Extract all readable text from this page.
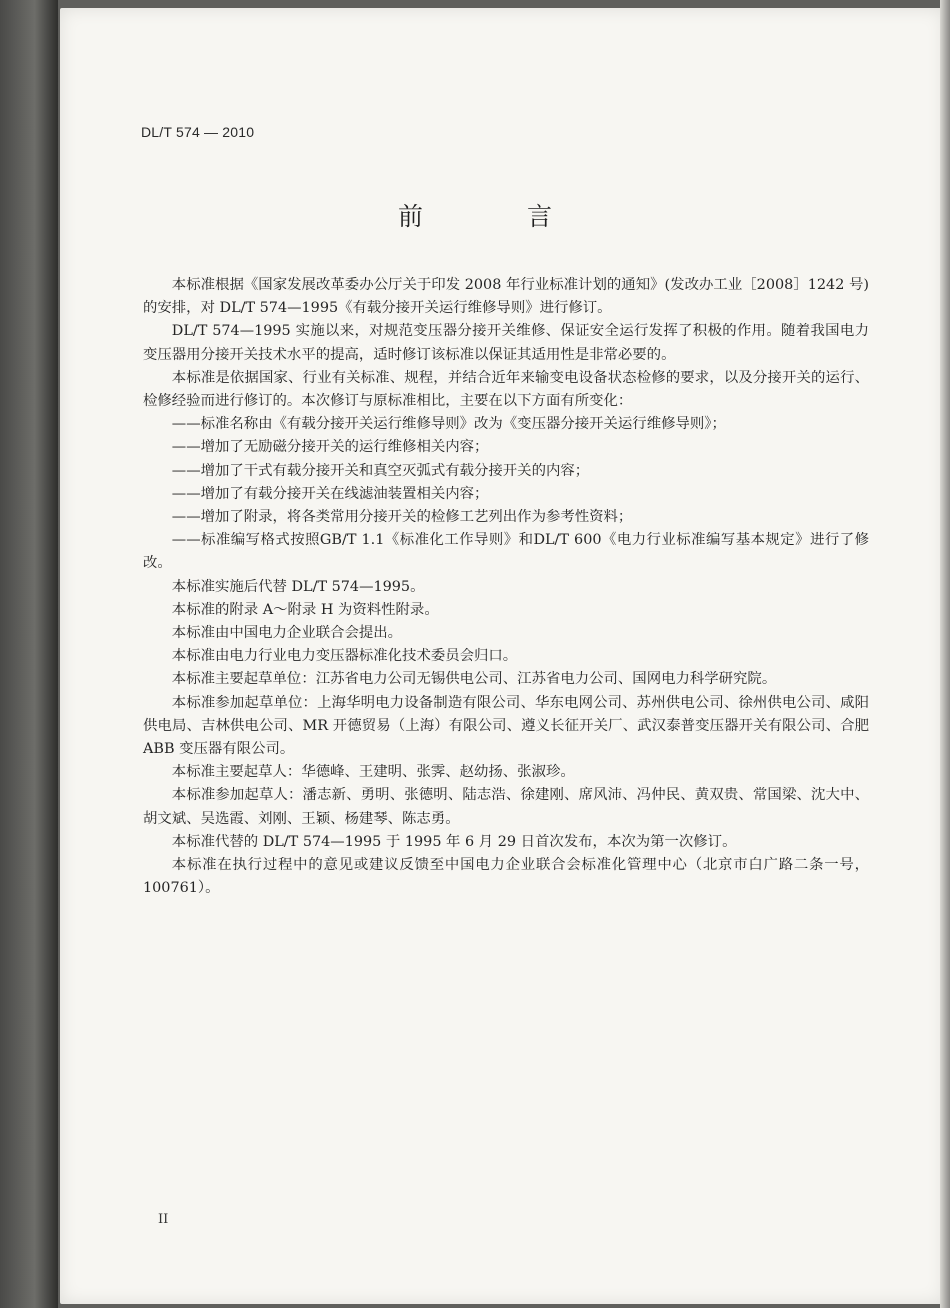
DL/T 574 — 2010
前 言

本标准根据《国家发展改革委办公厅关于印发 2008 年行业标准计划的通知》(发改办工业［2008］1242 号)的安排，对 DL/T 574—1995《有载分接开关运行维修导则》进行修订。

DL/T 574—1995 实施以来，对规范变压器分接开关维修、保证安全运行发挥了积极的作用。随着我国电力变压器用分接开关技术水平的提高，适时修订该标准以保证其适用性是非常必要的。

本标准是依据国家、行业有关标准、规程，并结合近年来输变电设备状态检修的要求，以及分接开关的运行、检修经验而进行修订的。本次修订与原标准相比，主要在以下方面有所变化：

——标准名称由《有载分接开关运行维修导则》改为《变压器分接开关运行维修导则》；

——增加了无励磁分接开关的运行维修相关内容；

——增加了干式有载分接开关和真空灭弧式有载分接开关的内容；

——增加了有载分接开关在线滤油装置相关内容；

——增加了附录，将各类常用分接开关的检修工艺列出作为参考性资料；

——标准编写格式按照GB/T 1.1《标准化工作导则》和DL/T 600《电力行业标准编写基本规定》进行了修改。

本标准实施后代替 DL/T 574—1995。

本标准的附录 A～附录 H 为资料性附录。

本标准由中国电力企业联合会提出。

本标准由电力行业电力变压器标准化技术委员会归口。

本标准主要起草单位：江苏省电力公司无锡供电公司、江苏省电力公司、国网电力科学研究院。

本标准参加起草单位：上海华明电力设备制造有限公司、华东电网公司、苏州供电公司、徐州供电公司、咸阳供电局、吉林供电公司、MR 开德贸易（上海）有限公司、遵义长征开关厂、武汉泰普变压器开关有限公司、合肥 ABB 变压器有限公司。

本标准主要起草人：华德峰、王建明、张霁、赵幼扬、张淑珍。

本标准参加起草人：潘志新、勇明、张德明、陆志浩、徐建刚、席风沛、冯仲民、黄双贵、常国梁、沈大中、胡文斌、吴选霞、刘刚、王颖、杨建琴、陈志勇。

本标准代替的 DL/T 574—1995 于 1995 年 6 月 29 日首次发布，本次为第一次修订。

本标准在执行过程中的意见或建议反馈至中国电力企业联合会标准化管理中心（北京市白广路二条一号，100761）。

II
